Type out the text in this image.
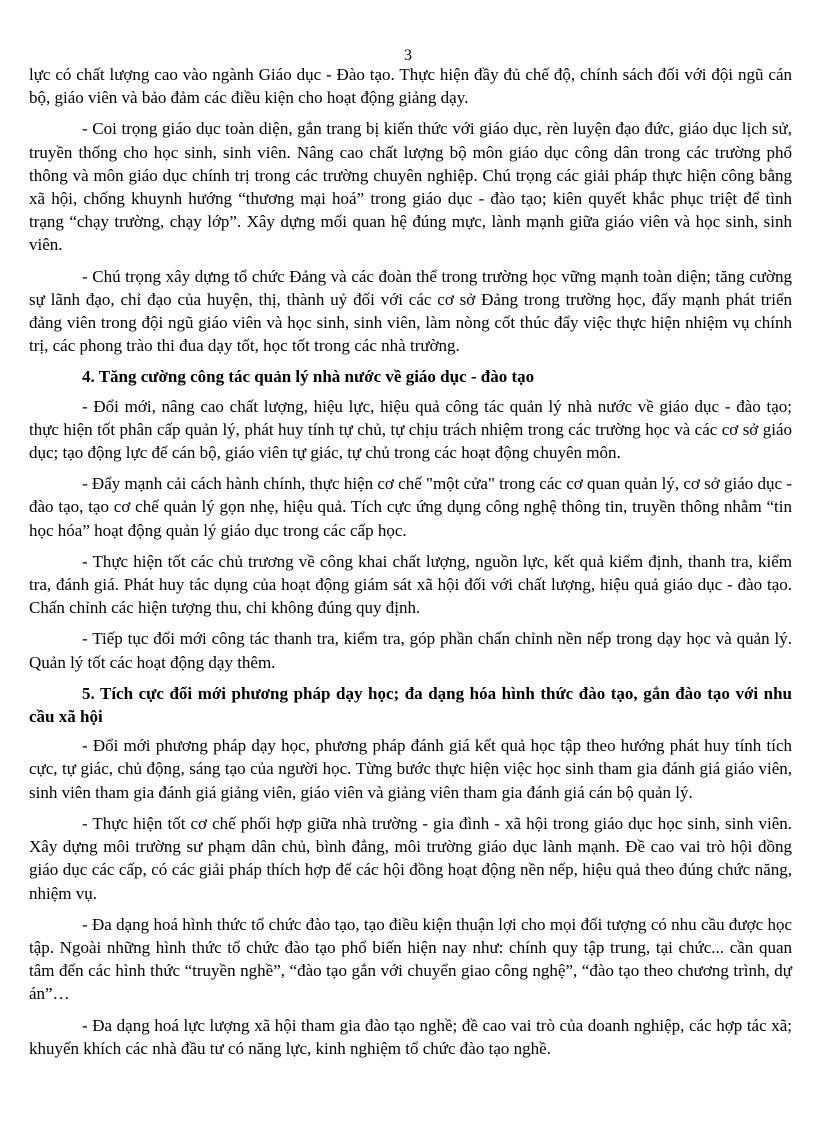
3

lực có chất lượng cao vào ngành Giáo dục - Đào tạo. Thực hiện đầy đủ chế độ, chính sách đối với đội ngũ cán bộ, giáo viên và bảo đảm các điều kiện cho hoạt động giảng dạy.

- Coi trọng giáo dục toàn diện, gắn trang bị kiến thức với giáo dục, rèn luyện đạo đức, giáo dục lịch sử, truyền thống cho học sinh, sinh viên. Nâng cao chất lượng bộ môn giáo dục công dân trong các trường phổ thông và môn giáo dục chính trị trong các trường chuyên nghiệp. Chú trọng các giải pháp thực hiện công bằng xã hội, chống khuynh hướng “thương mại hoá” trong giáo dục - đào tạo; kiên quyết khắc phục triệt để tình trạng “chạy trường, chạy lớp”. Xây dựng mối quan hệ đúng mực, lành mạnh giữa giáo viên và học sinh, sinh viên.

- Chú trọng xây dựng tổ chức Đảng và các đoàn thể trong trường học vững mạnh toàn diện; tăng cường sự lãnh đạo, chỉ đạo của huyện, thị, thành uỷ đối với các cơ sở Đảng trong trường học, đẩy mạnh phát triển đảng viên trong đội ngũ giáo viên và học sinh, sinh viên, làm nòng cốt thúc đẩy việc thực hiện nhiệm vụ chính trị, các phong trào thi đua dạy tốt, học tốt trong các nhà trường.

4. Tăng cường công tác quản lý nhà nước về giáo dục - đào tạo

- Đổi mới, nâng cao chất lượng, hiệu lực, hiệu quả công tác quản lý nhà nước về giáo dục - đào tạo; thực hiện tốt phân cấp quản lý, phát huy tính tự chủ, tự chịu trách nhiệm trong các trường học và các cơ sở giáo dục; tạo động lực để cán bộ, giáo viên tự giác, tự chủ trong các hoạt động chuyên môn.

- Đẩy mạnh cải cách hành chính, thực hiện cơ chế "một cửa" trong các cơ quan quản lý, cơ sở giáo dục - đào tạo, tạo cơ chế quản lý gọn nhẹ, hiệu quả. Tích cực ứng dụng công nghệ thông tin, truyền thông nhằm “tin học hóa” hoạt động quản lý giáo dục trong các cấp học.

- Thực hiện tốt các chủ trương về công khai chất lượng, nguồn lực, kết quả kiểm định, thanh tra, kiểm tra, đánh giá. Phát huy tác dụng của hoạt động giám sát xã hội đối với chất lượng, hiệu quả giáo dục - đào tạo. Chấn chỉnh các hiện tượng thu, chi không đúng quy định.

- Tiếp tục đổi mới công tác thanh tra, kiểm tra, góp phần chấn chỉnh nền nếp trong dạy học và quản lý. Quản lý tốt các hoạt động dạy thêm.

5. Tích cực đổi mới phương pháp dạy học; đa dạng hóa hình thức đào tạo, gắn đào tạo với nhu cầu xã hội

- Đổi mới phương pháp dạy học, phương pháp đánh giá kết quả học tập theo hướng phát huy tính tích cực, tự giác, chủ động, sáng tạo của người học. Từng bước thực hiện việc học sinh tham gia đánh giá giáo viên, sinh viên tham gia đánh giá giảng viên, giáo viên và giảng viên tham gia đánh giá cán bộ quản lý.

- Thực hiện tốt cơ chế phối hợp giữa nhà trường - gia đình - xã hội trong giáo dục học sinh, sinh viên. Xây dựng môi trường sư phạm dân chủ, bình đẳng, môi trường giáo dục lành mạnh. Đề cao vai trò hội đồng giáo dục các cấp, có các giải pháp thích hợp để các hội đồng hoạt động nền nếp, hiệu quả theo đúng chức năng, nhiệm vụ.

- Đa dạng hoá hình thức tổ chức đào tạo, tạo điều kiện thuận lợi cho mọi đối tượng có nhu cầu được học tập. Ngoài những hình thức tổ chức đào tạo phổ biến hiện nay như: chính quy tập trung, tại chức... cần quan tâm đến các hình thức “truyền nghề”, “đào tạo gắn với chuyển giao công nghệ”, “đào tạo theo chương trình, dự án”…

- Đa dạng hoá lực lượng xã hội tham gia đào tạo nghề; đề cao vai trò của doanh nghiệp, các hợp tác xã; khuyến khích các nhà đầu tư có năng lực, kinh nghiệm tổ chức đào tạo nghề.
